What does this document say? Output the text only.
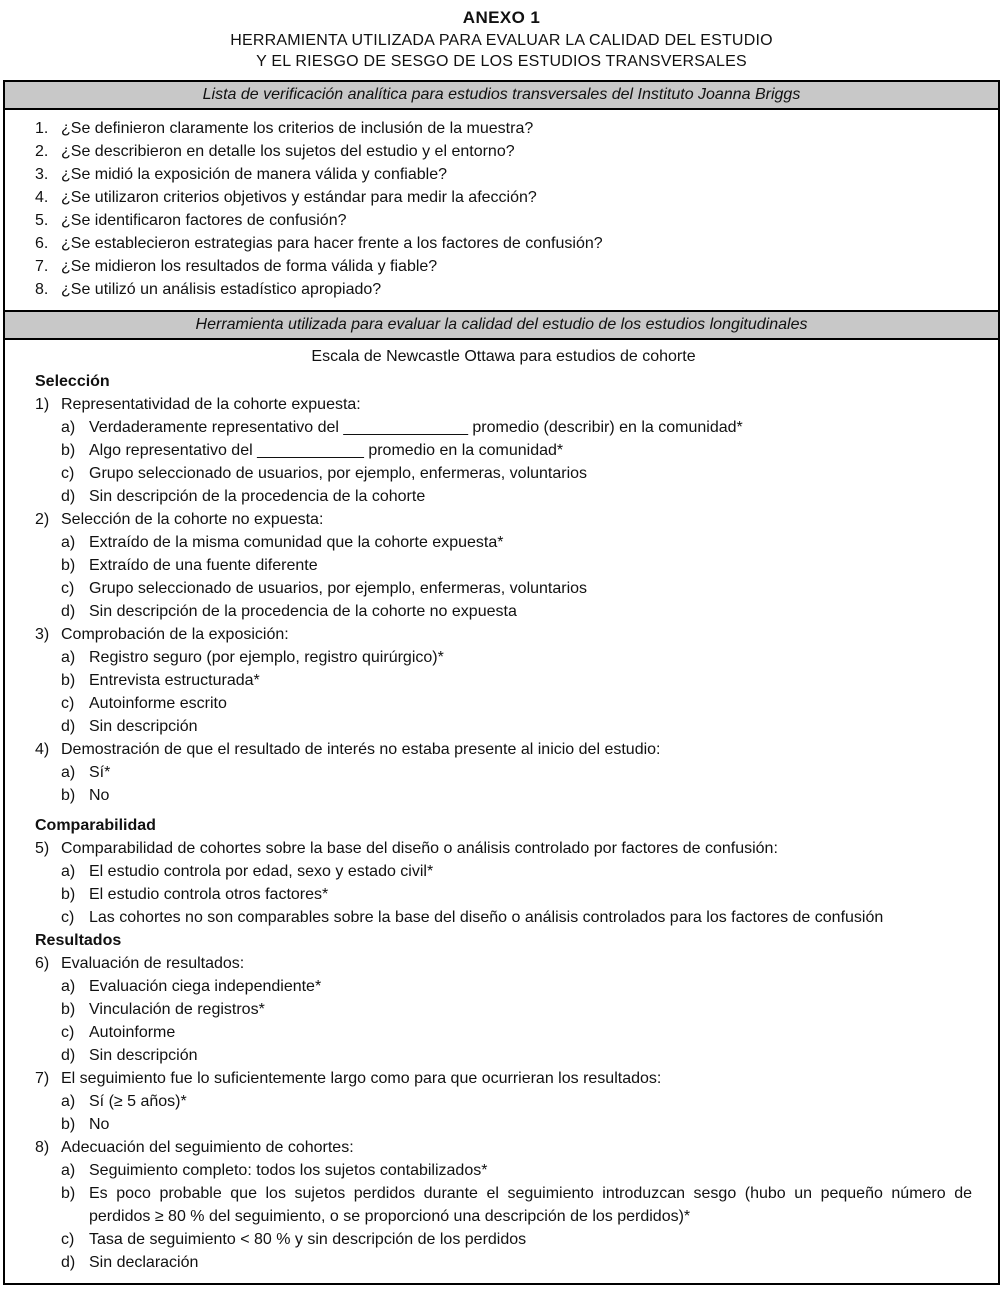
ANEXO 1
HERRAMIENTA UTILIZADA PARA EVALUAR LA CALIDAD DEL ESTUDIO
Y EL RIESGO DE SESGO DE LOS ESTUDIOS TRANSVERSALES
Lista de verificación analítica para estudios transversales del Instituto Joanna Briggs
1. ¿Se definieron claramente los criterios de inclusión de la muestra?
2. ¿Se describieron en detalle los sujetos del estudio y el entorno?
3. ¿Se midió la exposición de manera válida y confiable?
4. ¿Se utilizaron criterios objetivos y estándar para medir la afección?
5. ¿Se identificaron factores de confusión?
6. ¿Se establecieron estrategias para hacer frente a los factores de confusión?
7. ¿Se midieron los resultados de forma válida y fiable?
8. ¿Se utilizó un análisis estadístico apropiado?
Herramienta utilizada para evaluar la calidad del estudio de los estudios longitudinales
Escala de Newcastle Ottawa para estudios de cohorte
Selección
1) Representatividad de la cohorte expuesta:
a) Verdaderamente representativo del ______________ promedio (describir) en la comunidad*
b) Algo representativo del ____________ promedio en la comunidad*
c) Grupo seleccionado de usuarios, por ejemplo, enfermeras, voluntarios
d) Sin descripción de la procedencia de la cohorte
2) Selección de la cohorte no expuesta:
a) Extraído de la misma comunidad que la cohorte expuesta*
b) Extraído de una fuente diferente
c) Grupo seleccionado de usuarios, por ejemplo, enfermeras, voluntarios
d) Sin descripción de la procedencia de la cohorte no expuesta
3) Comprobación de la exposición:
a) Registro seguro (por ejemplo, registro quirúrgico)*
b) Entrevista estructurada*
c) Autoinforme escrito
d) Sin descripción
4) Demostración de que el resultado de interés no estaba presente al inicio del estudio:
a) Sí*
b) No
Comparabilidad
5) Comparabilidad de cohortes sobre la base del diseño o análisis controlado por factores de confusión:
a) El estudio controla por edad, sexo y estado civil*
b) El estudio controla otros factores*
c) Las cohortes no son comparables sobre la base del diseño o análisis controlados para los factores de confusión
Resultados
6) Evaluación de resultados:
a) Evaluación ciega independiente*
b) Vinculación de registros*
c) Autoinforme
d) Sin descripción
7) El seguimiento fue lo suficientemente largo como para que ocurrieran los resultados:
a) Sí (≥ 5 años)*
b) No
8) Adecuación del seguimiento de cohortes:
a) Seguimiento completo: todos los sujetos contabilizados*
b) Es poco probable que los sujetos perdidos durante el seguimiento introduzcan sesgo (hubo un pequeño número de perdidos ≥ 80 % del seguimiento, o se proporcionó una descripción de los perdidos)*
c) Tasa de seguimiento < 80 % y sin descripción de los perdidos
d) Sin declaración
